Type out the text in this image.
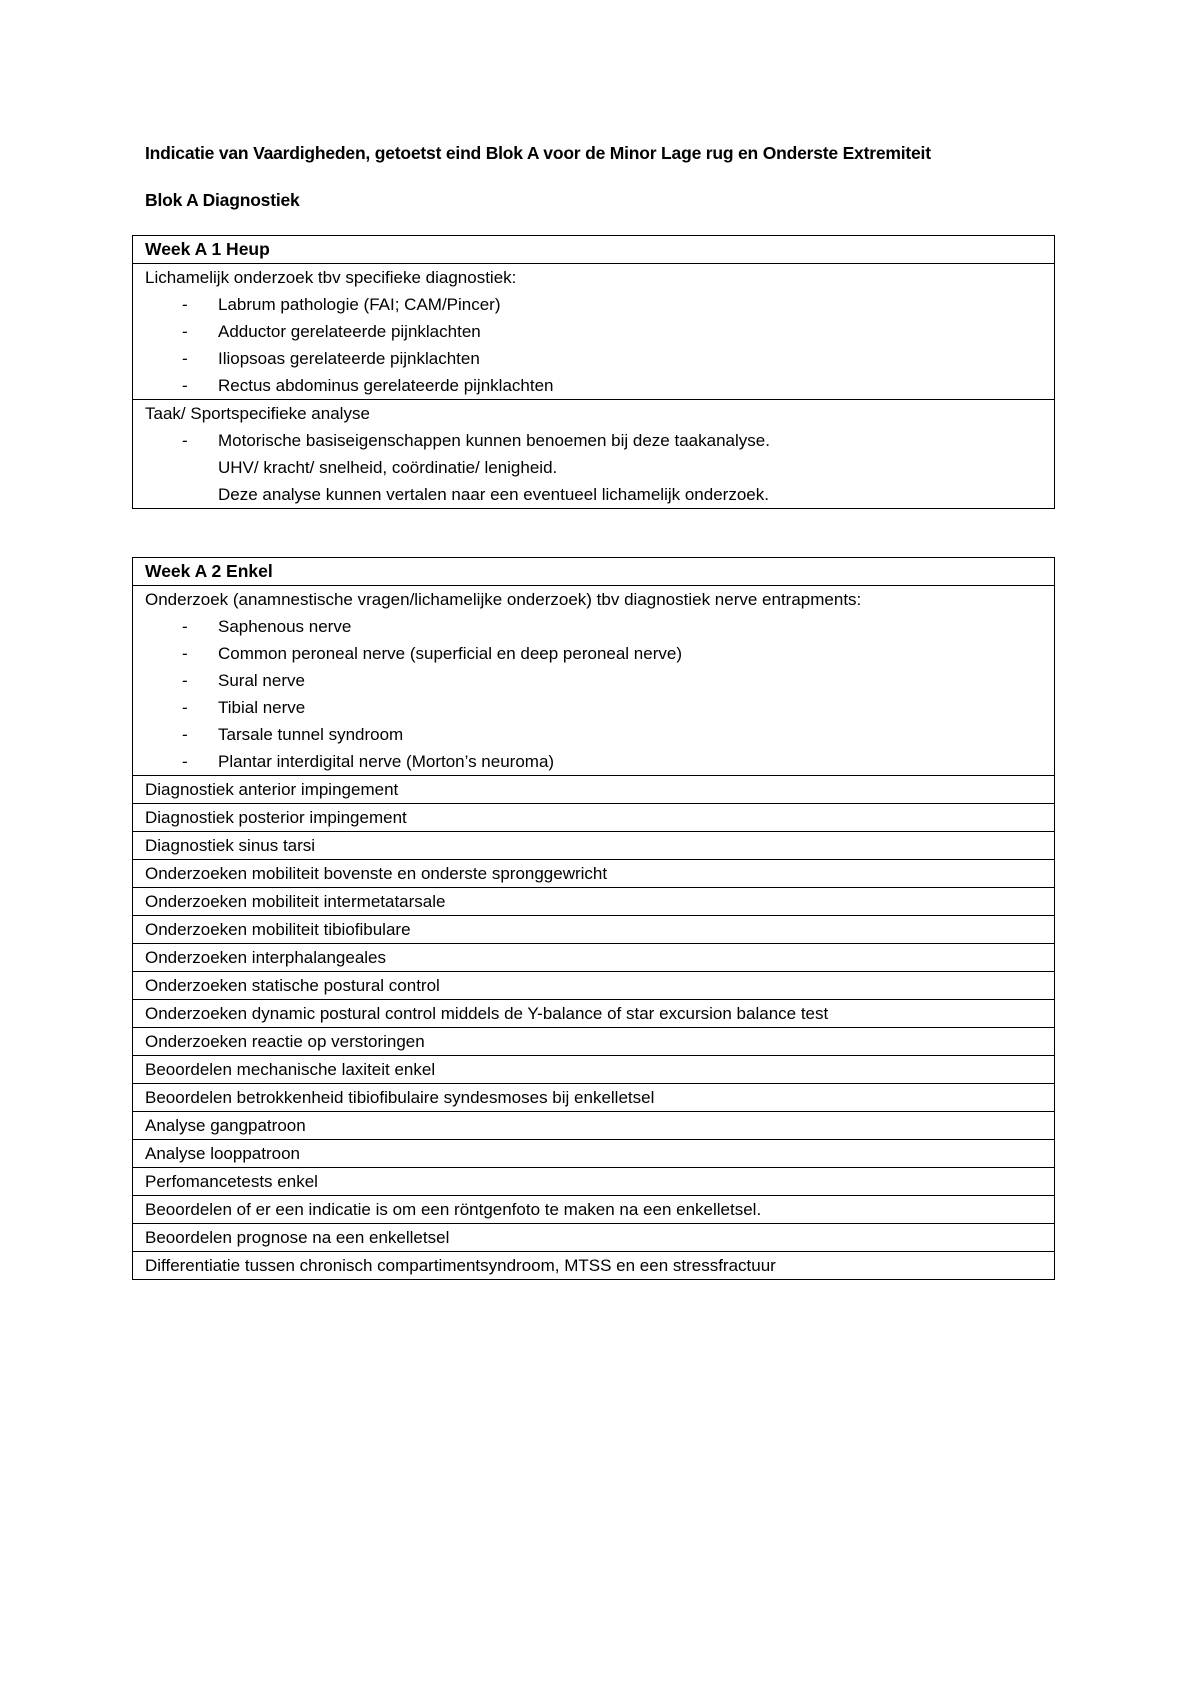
Indicatie van Vaardigheden, getoetst eind Blok A voor de Minor Lage rug en Onderste Extremiteit
Blok A Diagnostiek
Week A 1 Heup

Lichamelijk onderzoek tbv specifieke diagnostiek:
- Labrum pathologie (FAI; CAM/Pincer)
- Adductor gerelateerde pijnklachten
- Iliopsoas gerelateerde pijnklachten
- Rectus abdominus gerelateerde pijnklachten

Taak/ Sportspecifieke analyse
- Motorische basiseigenschappen kunnen benoemen bij deze taakanalyse.
UHV/ kracht/ snelheid, coördinatie/ lenigheid.
Deze analyse kunnen vertalen naar een eventueel lichamelijk onderzoek.
Week A 2 Enkel

Onderzoek (anamnestische vragen/lichamelijke onderzoek) tbv diagnostiek nerve entrapments:
- Saphenous nerve
- Common peroneal nerve (superficial en deep peroneal nerve)
- Sural nerve
- Tibial nerve
- Tarsale tunnel syndroom
- Plantar interdigital nerve (Morton’s neuroma)

Diagnostiek anterior impingement
Diagnostiek posterior impingement
Diagnostiek sinus tarsi
Onderzoeken mobiliteit bovenste en onderste spronggewricht
Onderzoeken mobiliteit intermetatarsale
Onderzoeken mobiliteit tibiofibulare
Onderzoeken interphalangeales
Onderzoeken statische postural control
Onderzoeken dynamic postural control middels de Y-balance of star excursion balance test
Onderzoeken reactie op verstoringen
Beoordelen mechanische laxiteit enkel
Beoordelen betrokkenheid tibiofibulaire syndesmoses bij enkelletsel
Analyse gangpatroon
Analyse looppatroon
Perfomancetests enkel
Beoordelen of er een indicatie is om een röntgenfoto te maken na een enkelletsel.
Beoordelen prognose na een enkelletsel
Differentiatie tussen chronisch compartimentsyndroom, MTSS en een stressfractuur
